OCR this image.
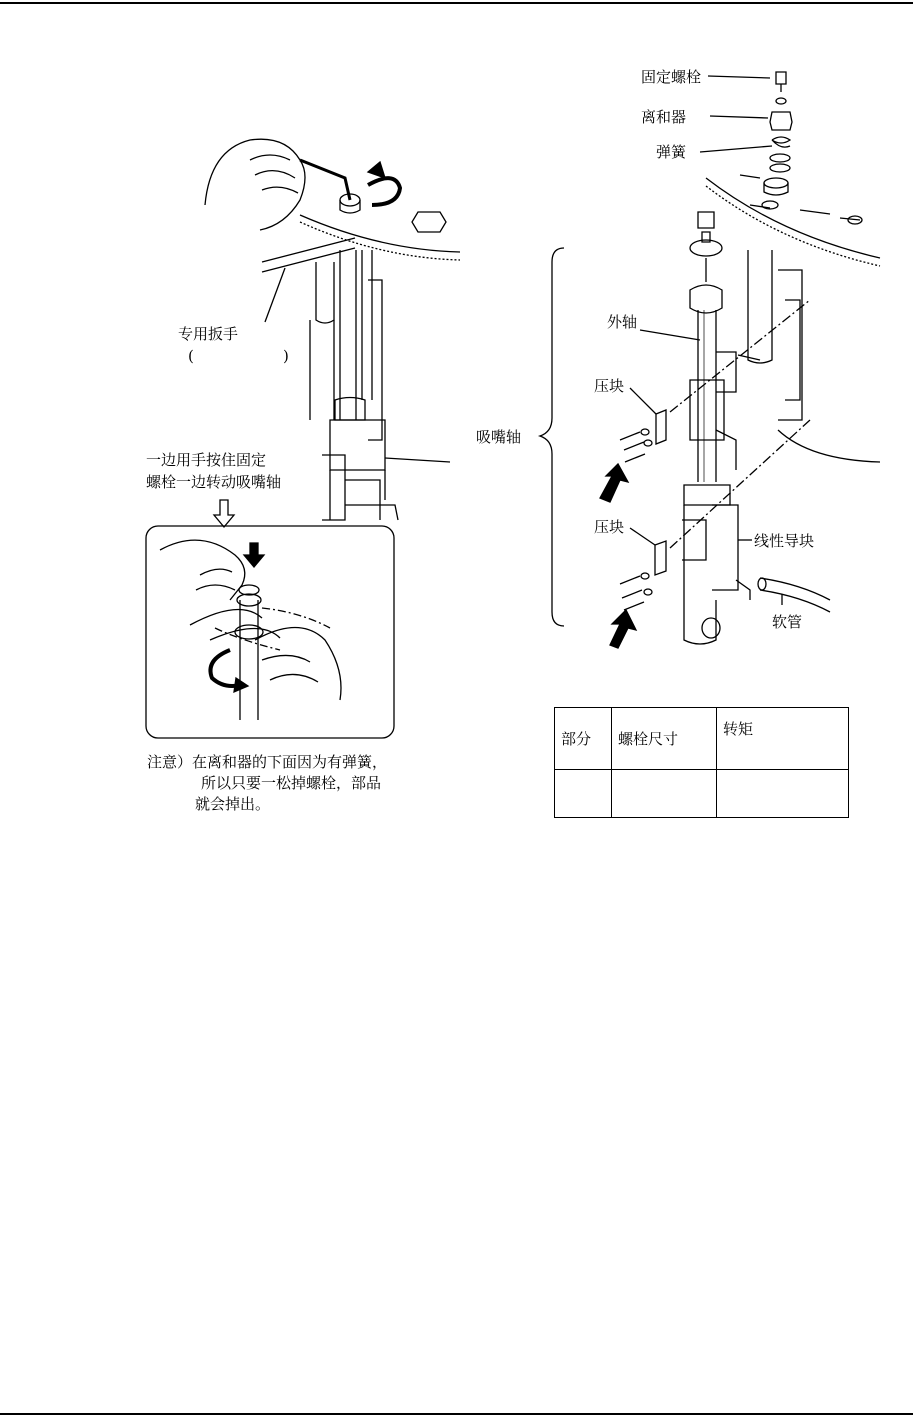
专用扳手
(	)
一边用手按住固定
螺栓一边转动吸嘴轴
注意）在离和器的下面因为有弹簧，
所以只要一松掉螺栓，部品
就会掉出。
固定螺栓
离和器
弹簧
外轴
压块
吸嘴轴
压块
线性导块
软管
部分	螺栓尺寸	转矩
